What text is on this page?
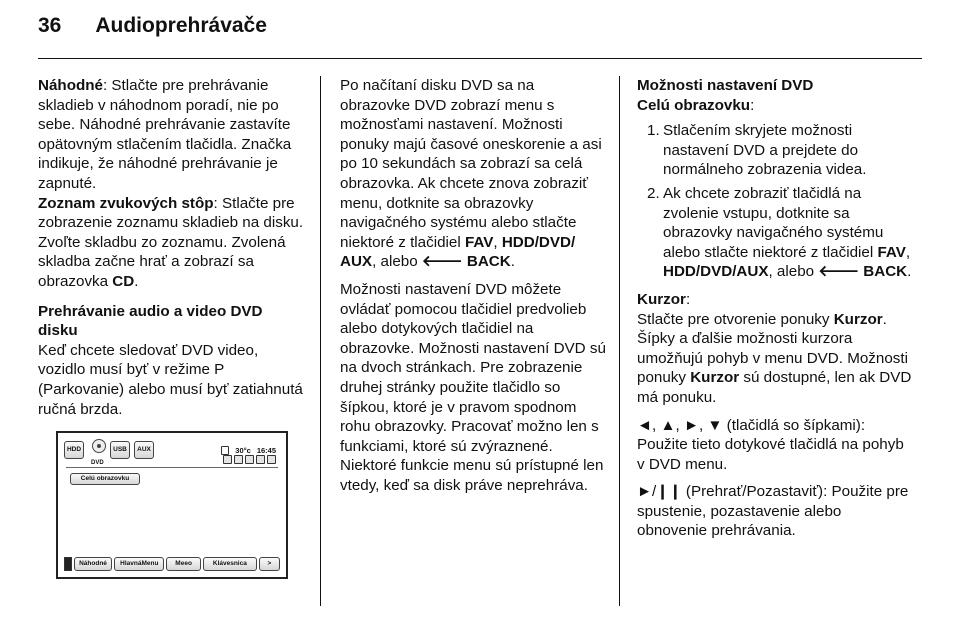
36 Audioprehrávače

Náhodné: Stlačte pre prehrávanie skladieb v náhodnom poradí, nie po sebe. Náhodné prehrávanie zastavíte opätovným stlačením tlačidla. Značka indikuje, že náhodné prehrávanie je zapnuté.

Zoznam zvukových stôp: Stlačte pre zobrazenie zoznamu skladieb na disku. Zvoľte skladbu zo zoznamu. Zvolená skladba začne hrať a zobrazí sa obrazovka CD.

Prehrávanie audio a video DVD disku

Keď chcete sledovať DVD video, vozidlo musí byť v režime P (Parkovanie) alebo musí byť zatiahnutá ručná brzda.

HDD
DVD
USB	AUX	30°c 16:45
Celú obrazovku
Náhodné	HlavnáMenu	Meeo	Klávesnica	>

Po načítaní disku DVD sa na obrazovke DVD zobrazí menu s možnosťami nastavení. Možnosti ponuky majú časové oneskorenie a asi po 10 sekundách sa zobrazí sa celá obrazovka. Ak chcete znova zobraziť menu, dotknite sa obrazovky navigačného systému alebo stlačte niektoré z tlačidiel FAV, HDD/DVD/ AUX, alebo 🡐 BACK.

Možnosti nastavení DVD môžete ovládať pomocou tlačidiel predvolieb alebo dotykových tlačidiel na obrazovke. Možnosti nastavení DVD sú na dvoch stránkach. Pre zobrazenie druhej stránky použite tlačidlo so šípkou, ktoré je v pravom spodnom rohu obrazovky. Pracovať možno len s funkciami, ktoré sú zvýraznené. Niektoré funkcie menu sú prístupné len vtedy, keď sa disk práve neprehráva.

Možnosti nastavení DVD
Celú obrazovku:

1. Stlačením skryjete možnosti nastavení DVD a prejdete do normálneho zobrazenia videa.
2. Ak chcete zobraziť tlačidlá na zvolenie vstupu, dotknite sa obrazovky navigačného systému alebo stlačte niektoré z tlačidiel FAV, HDD/DVD/AUX, alebo 🡐 BACK.

Kurzor:

Stlačte pre otvorenie ponuky Kurzor. Šípky a ďalšie možnosti kurzora umožňujú pohyb v menu DVD. Možnosti ponuky Kurzor sú dostupné, len ak DVD má ponuku.

◄, ▲, ►, ▼ (tlačidlá so šípkami): Použite tieto dotykové tlačidlá na pohyb v DVD menu.

►/❙❙ (Prehrať/Pozastaviť): Použite pre spustenie, pozastavenie alebo obnovenie prehrávania.
